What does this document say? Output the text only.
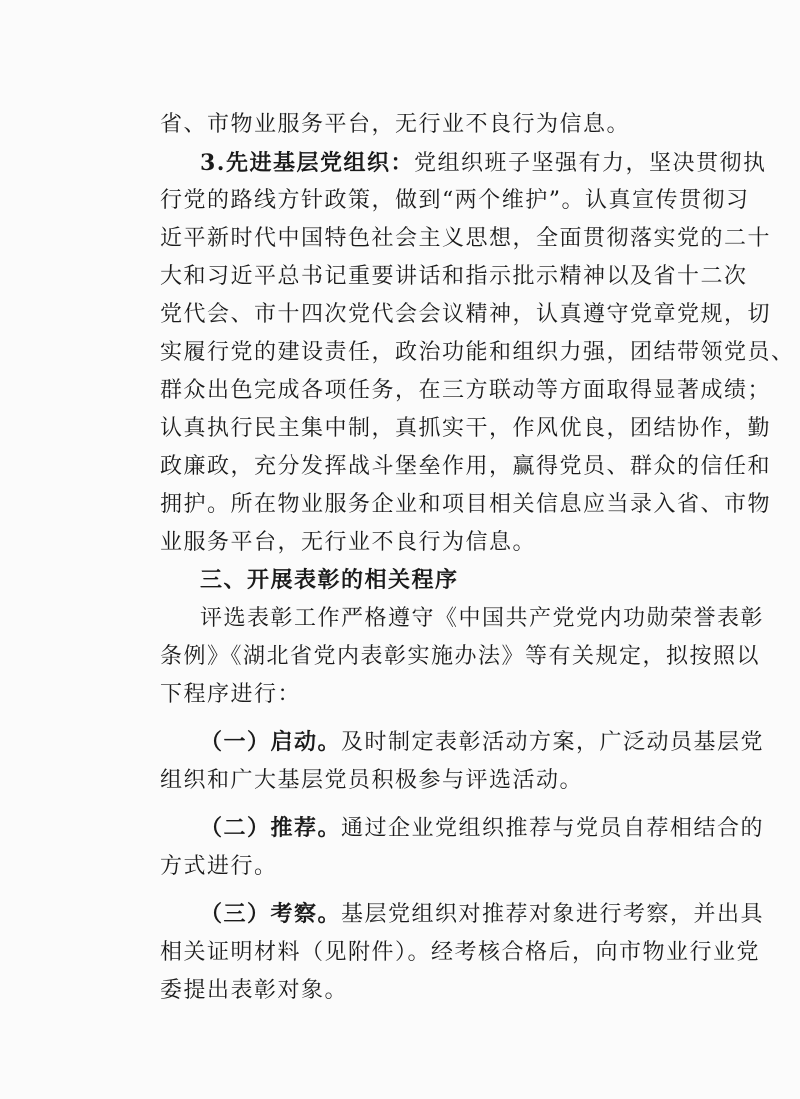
省、市物业服务平台，无行业不良行为信息。
3.先进基层党组织：党组织班子坚强有力，坚决贯彻执
行党的路线方针政策，做到“两个维护”。认真宣传贯彻习
近平新时代中国特色社会主义思想，全面贯彻落实党的二十
大和习近平总书记重要讲话和指示批示精神以及省十二次
党代会、市十四次党代会会议精神，认真遵守党章党规，切
实履行党的建设责任，政治功能和组织力强，团结带领党员、
群众出色完成各项任务，在三方联动等方面取得显著成绩；
认真执行民主集中制，真抓实干，作风优良，团结协作，勤
政廉政，充分发挥战斗堡垒作用，赢得党员、群众的信任和
拥护。所在物业服务企业和项目相关信息应当录入省、市物
业服务平台，无行业不良行为信息。
三、开展表彰的相关程序
评选表彰工作严格遵守《中国共产党党内功勋荣誉表彰
条例》《湖北省党内表彰实施办法》等有关规定，拟按照以
下程序进行：
（一）启动。及时制定表彰活动方案，广泛动员基层党
组织和广大基层党员积极参与评选活动。
（二）推荐。通过企业党组织推荐与党员自荐相结合的
方式进行。
（三）考察。基层党组织对推荐对象进行考察，并出具
相关证明材料（见附件）。经考核合格后，向市物业行业党
委提出表彰对象。
